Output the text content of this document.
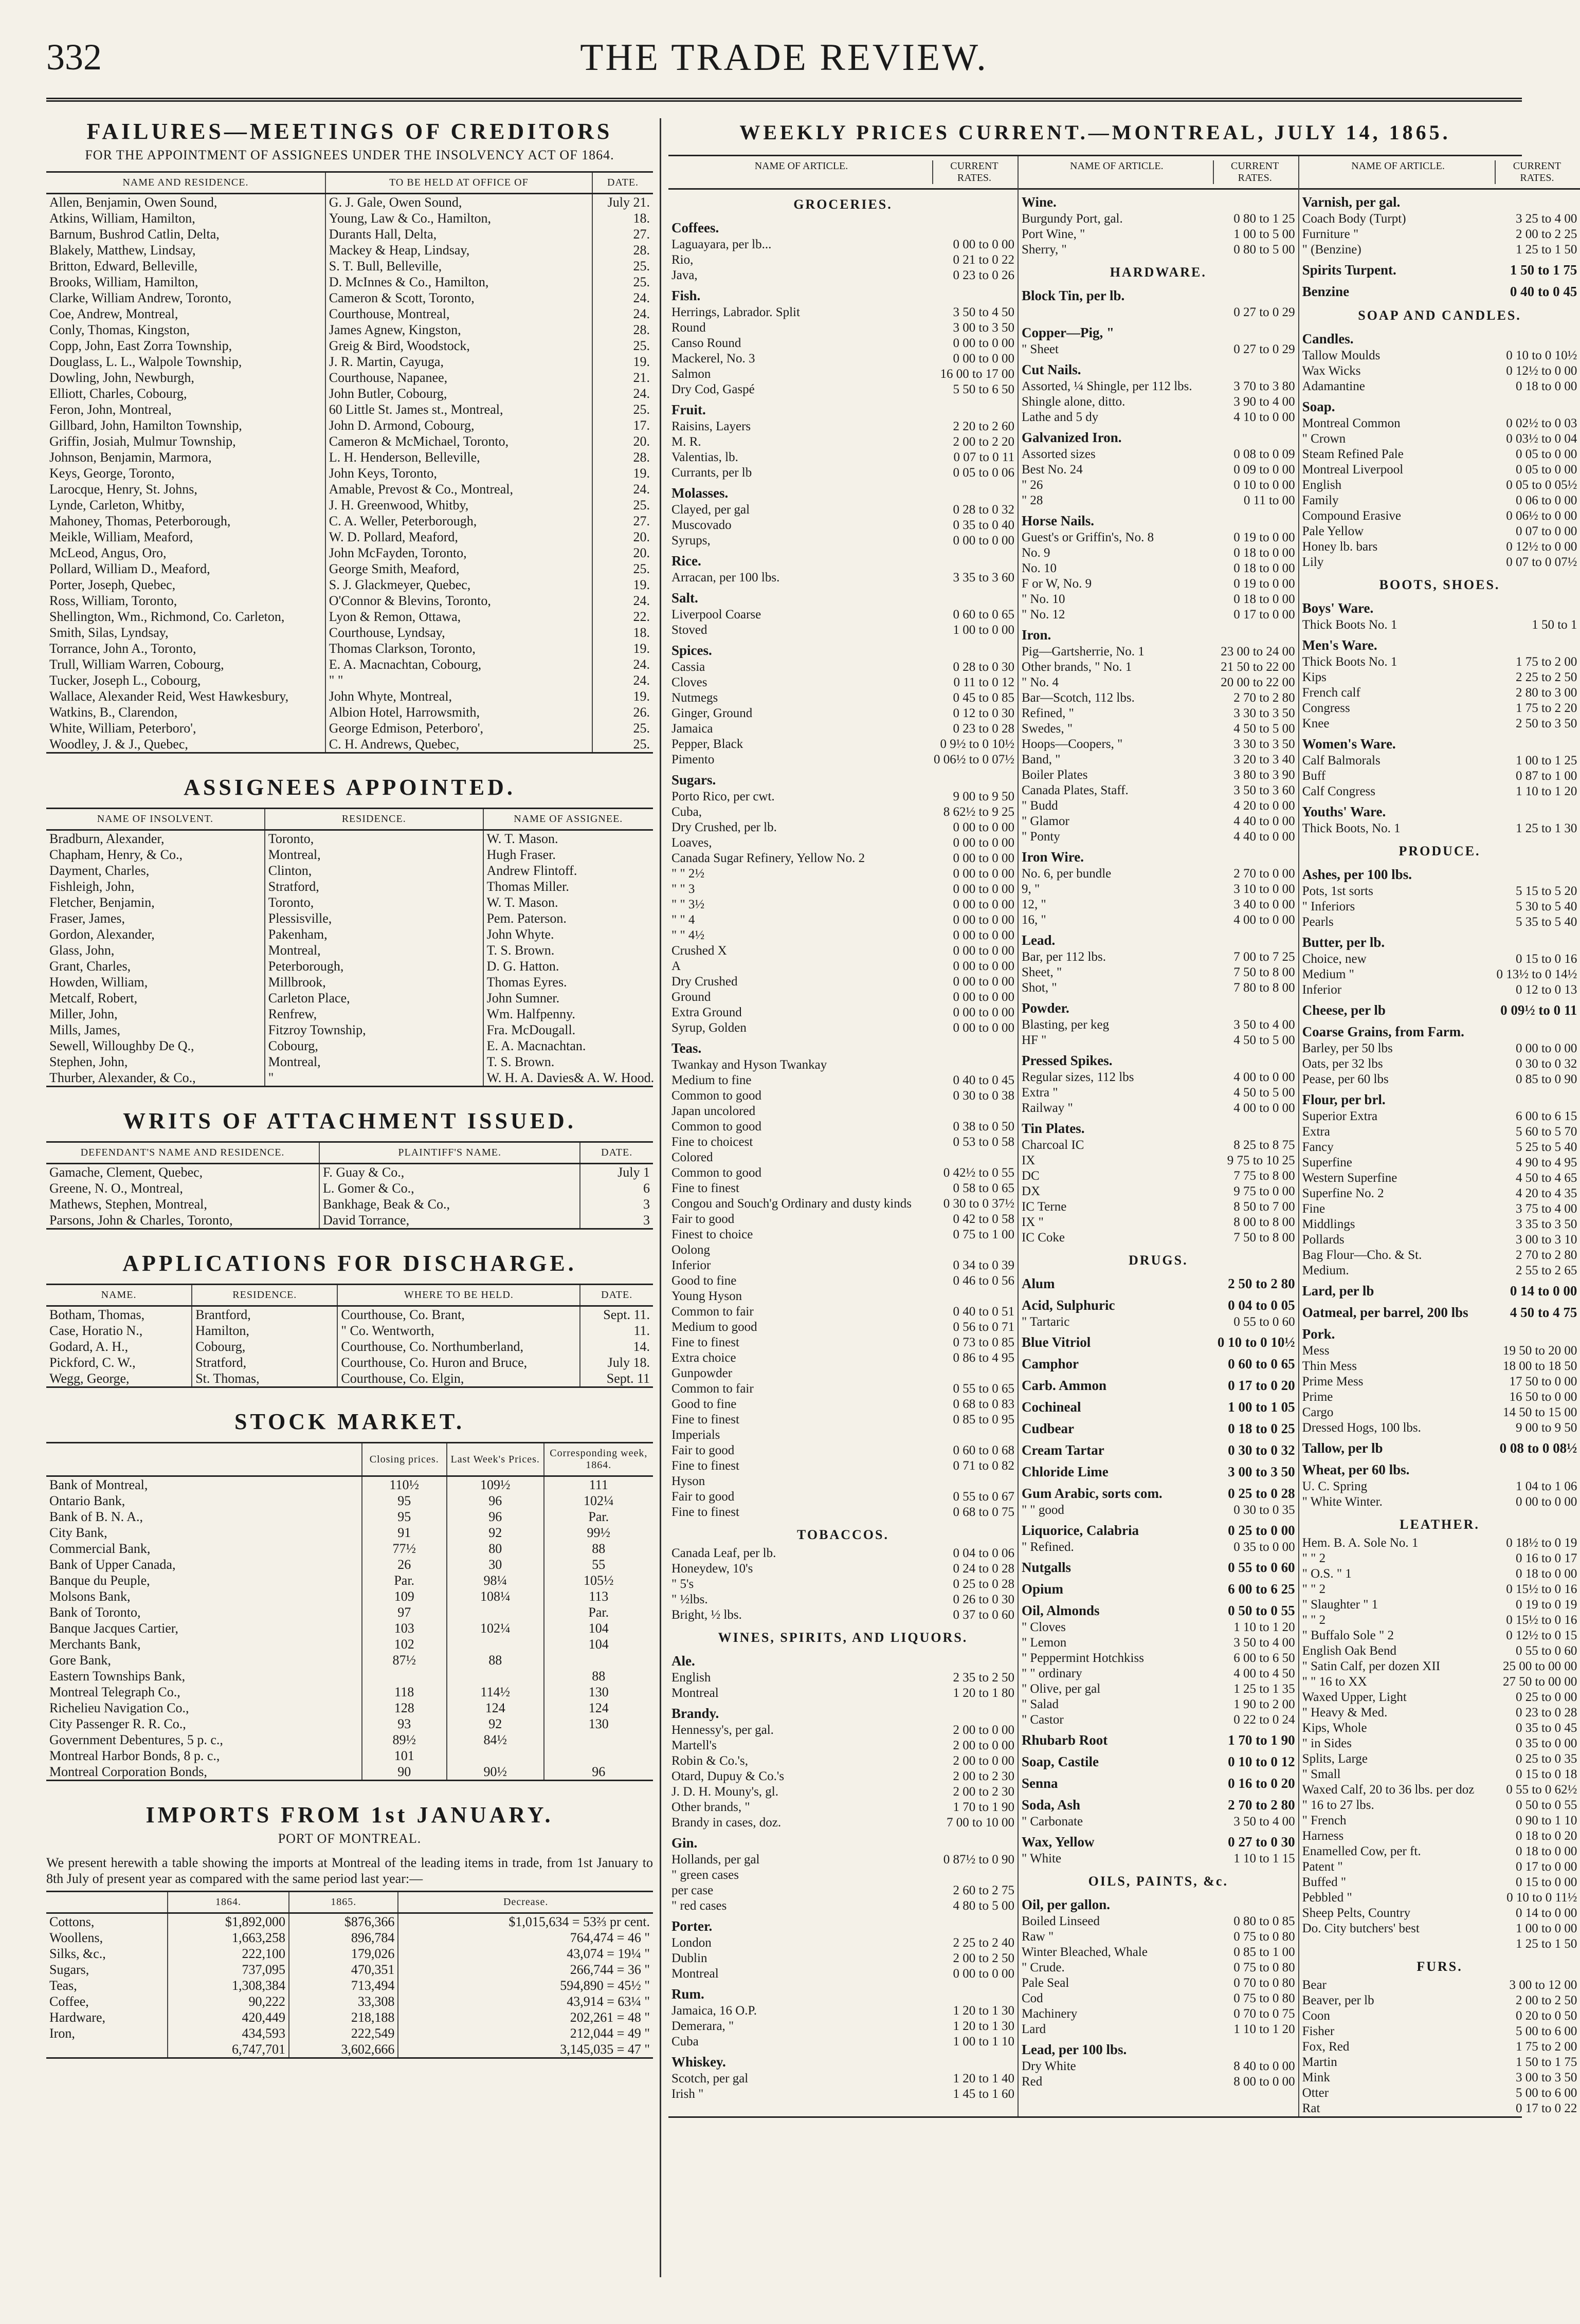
332	THE TRADE REVIEW.
FAILURES—MEETINGS OF CREDITORS
FOR THE APPOINTMENT OF ASSIGNEES UNDER THE INSOLVENCY ACT OF 1864.
NAME AND RESIDENCE.	TO BE HELD AT OFFICE OF	DATE.
Allen, Benjamin, Owen Sound,	G. J. Gale, Owen Sound,	July 21.
Atkins, William, Hamilton,	Young, Law & Co., Hamilton,	18.
Barnum, Bushrod Catlin, Delta,	Durants Hall, Delta,	27.
Blakely, Matthew, Lindsay,	Mackey & Heap, Lindsay,	28.
Britton, Edward, Belleville,	S. T. Bull, Belleville,	25.
Brooks, William, Hamilton,	D. McInnes & Co., Hamilton,	25.
Clarke, William Andrew, Toronto,	Cameron & Scott, Toronto,	24.
Coe, Andrew, Montreal,	Courthouse, Montreal,	24.
Conly, Thomas, Kingston,	James Agnew, Kingston,	28.
Copp, John, East Zorra Township,	Greig & Bird, Woodstock,	25.
Douglass, L. L., Walpole Township,	J. R. Martin, Cayuga,	19.
Dowling, John, Newburgh,	Courthouse, Napanee,	21.
Elliott, Charles, Cobourg,	John Butler, Cobourg,	24.
Feron, John, Montreal,	60 Little St. James st., Montreal,	25.
Gillbard, John, Hamilton Township,	John D. Armond, Cobourg,	17.
Griffin, Josiah, Mulmur Township,	Cameron & McMichael, Toronto,	20.
Johnson, Benjamin, Marmora,	L. H. Henderson, Belleville,	28.
Keys, George, Toronto,	John Keys, Toronto,	19.
Larocque, Henry, St. Johns,	Amable, Prevost & Co., Montreal,	24.
Lynde, Carleton, Whitby,	J. H. Greenwood, Whitby,	25.
Mahoney, Thomas, Peterborough,	C. A. Weller, Peterborough,	27.
Meikle, William, Meaford,	W. D. Pollard, Meaford,	20.
McLeod, Angus, Oro,	John McFayden, Toronto,	20.
Pollard, William D., Meaford,	George Smith, Meaford,	25.
Porter, Joseph, Quebec,	S. J. Glackmeyer, Quebec,	19.
Ross, William, Toronto,	O'Connor & Blevins, Toronto,	24.
Shellington, Wm., Richmond, Co. Carleton,	Lyon & Remon, Ottawa,	22.
Smith, Silas, Lyndsay,	Courthouse, Lyndsay,	18.
Torrance, John A., Toronto,	Thomas Clarkson, Toronto,	19.
Trull, William Warren, Cobourg,	E. A. Macnachtan, Cobourg,	24.
Tucker, Joseph L., Cobourg,	" "	24.
Wallace, Alexander Reid, West Hawkesbury,	John Whyte, Montreal,	19.
Watkins, B., Clarendon,	Albion Hotel, Harrowsmith,	26.
White, William, Peterboro',	George Edmison, Peterboro',	25.
Woodley, J. & J., Quebec,	C. H. Andrews, Quebec,	25.
ASSIGNEES APPOINTED.
NAME OF INSOLVENT.	RESIDENCE.	NAME OF ASSIGNEE.
Bradburn, Alexander,	Toronto,	W. T. Mason.
Chapham, Henry, & Co.,	Montreal,	Hugh Fraser.
Dayment, Charles,	Clinton,	Andrew Flintoff.
Fishleigh, John,	Stratford,	Thomas Miller.
Fletcher, Benjamin,	Toronto,	W. T. Mason.
Fraser, James,	Plessisville,	Pem. Paterson.
Gordon, Alexander,	Pakenham,	John Whyte.
Glass, John,	Montreal,	T. S. Brown.
Grant, Charles,	Peterborough,	D. G. Hatton.
Howden, William,	Millbrook,	Thomas Eyres.
Metcalf, Robert,	Carleton Place,	John Sumner.
Miller, John,	Renfrew,	Wm. Halfpenny.
Mills, James,	Fitzroy Township,	Fra. McDougall.
Sewell, Willoughby De Q.,	Cobourg,	E. A. Macnachtan.
Stephen, John,	Montreal,	T. S. Brown.
Thurber, Alexander, & Co.,	"	W. H. A. Davies& A. W. Hood.
WRITS OF ATTACHMENT ISSUED.
DEFENDANT'S NAME AND RESIDENCE.	PLAINTIFF'S NAME.	DATE.
Gamache, Clement, Quebec,	F. Guay & Co.,	July 1
Greene, N. O., Montreal,	L. Gomer & Co.,	6
Mathews, Stephen, Montreal,	Bankhage, Beak & Co.,	3
Parsons, John & Charles, Toronto,	David Torrance,	3
APPLICATIONS FOR DISCHARGE.
NAME.	RESIDENCE.	WHERE TO BE HELD.	DATE.
Botham, Thomas,	Brantford,	Courthouse, Co. Brant,	Sept. 11.
Case, Horatio N.,	Hamilton,	" Co. Wentworth,	11.
Godard, A. H.,	Cobourg,	Courthouse, Co. Northumberland,	14.
Pickford, C. W.,	Stratford,	Courthouse, Co. Huron and Bruce,	July 18.
Wegg, George,	St. Thomas,	Courthouse, Co. Elgin,	Sept. 11
STOCK MARKET.
	Closing prices.	Last Week's Prices.	Corresponding week, 1864.
Bank of Montreal,	110½	109½	111
Ontario Bank,	95	96	102¼
Bank of B. N. A.,	95	96	Par.
City Bank,	91	92	99½
Commercial Bank,	77½	80	88
Bank of Upper Canada,	26	30	55
Banque du Peuple,	Par.	98¼	105½
Molsons Bank,	109	108¼	113
Bank of Toronto,	97		Par.
Banque Jacques Cartier,	103	102¼	104
Merchants Bank,	102		104
Gore Bank,	87½	88	
Eastern Townships Bank,			88
Montreal Telegraph Co.,	118	114½	130
Richelieu Navigation Co.,	128	124	124
City Passenger R. R. Co.,	93	92	130
Government Debentures, 5 p. c.,	89½	84½	
Montreal Harbor Bonds, 8 p. c.,	101		
Montreal Corporation Bonds,	90	90½	96
IMPORTS FROM 1st JANUARY.
PORT OF MONTREAL.
We present herewith a table showing the imports at Montreal of the leading items in trade, from 1st January to 8th July of present year as compared with the same period last year:—
	1864.	1865.	Decrease.
Cottons,	$1,892,000	$876,366	$1,015,634 = 53⅔ pr cent.
Woollens,	1,663,258	896,784	764,474 = 46 "
Silks, &c.,	222,100	179,026	43,074 = 19¼ "
Sugars,	737,095	470,351	266,744 = 36 "
Teas,	1,308,384	713,494	594,890 = 45½ "
Coffee,	90,222	33,308	43,914 = 63¼ "
Hardware,	420,449	218,188	202,261 = 48 "
Iron,	434,593	222,549	212,044 = 49 "
	6,747,701	3,602,666	3,145,035 = 47 "
WEEKLY PRICES CURRENT.—MONTREAL, JULY 14, 1865.
NAME OF ARTICLE.	CURRENT RATES.
GROCERIES.
Coffees.
Laguayara, per lb...	0 00 to 0 00
Rio,	0 21 to 0 22
Java,	0 23 to 0 26
Fish.
Herrings, Labrador. Split	3 50 to 4 50
Round	3 00 to 3 50
Canso Round	0 00 to 0 00
Mackerel, No. 3	0 00 to 0 00
Salmon	16 00 to 17 00
Dry Cod, Gaspé	5 50 to 6 50
Fruit.
Raisins, Layers	2 20 to 2 60
M. R.	2 00 to 2 20
Valentias, lb.	0 07 to 0 11
Currants, per lb	0 05 to 0 06
Molasses.
Clayed, per gal	0 28 to 0 32
Muscovado	0 35 to 0 40
Syrups,	0 00 to 0 00
Rice.
Arracan, per 100 lbs.	3 35 to 3 60
Salt.
Liverpool Coarse	0 60 to 0 65
Stoved	1 00 to 0 00
Spices.
Cassia	0 28 to 0 30
Cloves	0 11 to 0 12
Nutmegs	0 45 to 0 85
Ginger, Ground	0 12 to 0 30
Jamaica	0 23 to 0 28
Pepper, Black	0 9½ to 0 10½
Pimento	0 06½ to 0 07½
Sugars.
Porto Rico, per cwt.	9 00 to 9 50
Cuba,	8 62½ to 9 25
Dry Crushed, per lb.	0 00 to 0 00
Loaves,	0 00 to 0 00
Canada Sugar Refinery, Yellow No. 2	0 00 to 0 00
" " 2½	0 00 to 0 00
" " 3	0 00 to 0 00
" " 3½	0 00 to 0 00
" " 4	0 00 to 0 00
" " 4½	0 00 to 0 00
Crushed X	0 00 to 0 00
A	0 00 to 0 00
Dry Crushed	0 00 to 0 00
Ground	0 00 to 0 00
Extra Ground	0 00 to 0 00
Syrup, Golden	0 00 to 0 00
Teas.
Twankay and Hyson Twankay
Medium to fine	0 40 to 0 45
Common to good	0 30 to 0 38
Japan uncolored
Common to good	0 38 to 0 50
Fine to choicest	0 53 to 0 58
Colored
Common to good	0 42½ to 0 55
Fine to finest	0 58 to 0 65
Congou and Souch'g Ordinary and dusty kinds	0 30 to 0 37½
Fair to good	0 42 to 0 58
Finest to choice	0 75 to 1 00
Oolong
Inferior	0 34 to 0 39
Good to fine	0 46 to 0 56
Young Hyson
Common to fair	0 40 to 0 51
Medium to good	0 56 to 0 71
Fine to finest	0 73 to 0 85
Extra choice	0 86 to 4 95
Gunpowder
Common to fair	0 55 to 0 65
Good to fine	0 68 to 0 83
Fine to finest	0 85 to 0 95
Imperials
Fair to good	0 60 to 0 68
Fine to finest	0 71 to 0 82
Hyson
Fair to good	0 55 to 0 67
Fine to finest	0 68 to 0 75
TOBACCOS.
Canada Leaf, per lb.	0 04 to 0 06
Honeydew, 10's	0 24 to 0 28
" 5's	0 25 to 0 28
" ½lbs.	0 26 to 0 30
Bright, ½ lbs.	0 37 to 0 60
WINES, SPIRITS, AND LIQUORS.
Ale.
English	2 35 to 2 50
Montreal	1 20 to 1 80
Brandy.
Hennessy's, per gal.	2 00 to 0 00
Martell's	2 00 to 0 00
Robin & Co.'s,	2 00 to 0 00
Otard, Dupuy & Co.'s	2 00 to 2 30
J. D. H. Mouny's, gl.	2 00 to 2 30
Other brands, "	1 70 to 1 90
Brandy in cases, doz.	7 00 to 10 00
Gin.
Hollands, per gal	0 87½ to 0 90
" green cases
per case	2 60 to 2 75
" red cases	4 80 to 5 00
Porter.
London	2 25 to 2 40
Dublin	2 00 to 2 50
Montreal	0 00 to 0 00
Rum.
Jamaica, 16 O.P.	1 20 to 1 30
Demerara, "	1 20 to 1 30
Cuba	1 00 to 1 10
Whiskey.
Scotch, per gal	1 20 to 1 40
Irish "	1 45 to 1 60
NAME OF ARTICLE.	CURRENT RATES.
Wine.
Burgundy Port, gal.	0 80 to 1 25
Port Wine, "	1 00 to 5 00
Sherry, "	0 80 to 5 00
HARDWARE.
Block Tin, per lb.
0 27 to 0 29
Copper—Pig, "
" Sheet	0 27 to 0 29
Cut Nails.
Assorted, ¼ Shingle, per 112 lbs.	3 70 to 3 80
Shingle alone, ditto.	3 90 to 4 00
Lathe and 5 dy	4 10 to 0 00
Galvanized Iron.
Assorted sizes	0 08 to 0 09
Best No. 24	0 09 to 0 00
" 26	0 10 to 0 00
" 28	0 11 to 00
Horse Nails.
Guest's or Griffin's, No. 8	0 19 to 0 00
No. 9	0 18 to 0 00
No. 10	0 18 to 0 00
F or W, No. 9	0 19 to 0 00
" No. 10	0 18 to 0 00
" No. 12	0 17 to 0 00
Iron.
Pig—Gartsherrie, No. 1	23 00 to 24 00
Other brands, " No. 1	21 50 to 22 00
" No. 4	20 00 to 22 00
Bar—Scotch, 112 lbs.	2 70 to 2 80
Refined, "	3 30 to 3 50
Swedes, "	4 50 to 5 00
Hoops—Coopers, "	3 30 to 3 50
Band, "	3 20 to 3 40
Boiler Plates	3 80 to 3 90
Canada Plates, Staff.	3 50 to 3 60
" Budd	4 20 to 0 00
" Glamor	4 40 to 0 00
" Ponty	4 40 to 0 00
Iron Wire.
No. 6, per bundle	2 70 to 0 00
9, "	3 10 to 0 00
12, "	3 40 to 0 00
16, "	4 00 to 0 00
Lead.
Bar, per 112 lbs.	7 00 to 7 25
Sheet, "	7 50 to 8 00
Shot, "	7 80 to 8 00
Powder.
Blasting, per keg	3 50 to 4 00
HF "	4 50 to 5 00
Pressed Spikes.
Regular sizes, 112 lbs	4 00 to 0 00
Extra "	4 50 to 5 00
Railway "	4 00 to 0 00
Tin Plates.
Charcoal IC	8 25 to 8 75
IX	9 75 to 10 25
DC	7 75 to 8 00
DX	9 75 to 0 00
IC Terne	8 50 to 7 00
IX "	8 00 to 8 00
IC Coke	7 50 to 8 00
DRUGS.
Alum	2 50 to 2 80
Acid, Sulphuric	0 04 to 0 05
" Tartaric	0 55 to 0 60
Blue Vitriol	0 10 to 0 10½
Camphor	0 60 to 0 65
Carb. Ammon	0 17 to 0 20
Cochineal	1 00 to 1 05
Cudbear	0 18 to 0 25
Cream Tartar	0 30 to 0 32
Chloride Lime	3 00 to 3 50
Gum Arabic, sorts com.	0 25 to 0 28
" " good	0 30 to 0 35
Liquorice, Calabria	0 25 to 0 00
" Refined.	0 35 to 0 00
Nutgalls	0 55 to 0 60
Opium	6 00 to 6 25
Oil, Almonds	0 50 to 0 55
" Cloves	1 10 to 1 20
" Lemon	3 50 to 4 00
" Peppermint Hotchkiss	6 00 to 6 50
" " ordinary	4 00 to 4 50
" Olive, per gal	1 25 to 1 35
" Salad	1 90 to 2 00
" Castor	0 22 to 0 24
Rhubarb Root	1 70 to 1 90
Soap, Castile	0 10 to 0 12
Senna	0 16 to 0 20
Soda, Ash	2 70 to 2 80
" Carbonate	3 50 to 4 00
Wax, Yellow	0 27 to 0 30
" White	1 10 to 1 15
OILS, PAINTS, &c.
Oil, per gallon.
Boiled Linseed	0 80 to 0 85
Raw "	0 75 to 0 80
Winter Bleached, Whale	0 85 to 1 00
" Crude.	0 75 to 0 80
Pale Seal	0 70 to 0 80
Cod	0 75 to 0 80
Machinery	0 70 to 0 75
Lard	1 10 to 1 20
Lead, per 100 lbs.
Dry White	8 40 to 0 00
Red	8 00 to 0 00
NAME OF ARTICLE.	CURRENT RATES.
Varnish, per gal.
Coach Body (Turpt)	3 25 to 4 00
Furniture "	2 00 to 2 25
" (Benzine)	1 25 to 1 50
Spirits Turpent.	1 50 to 1 75
Benzine	0 40 to 0 45
SOAP AND CANDLES.
Candles.
Tallow Moulds	0 10 to 0 10½
Wax Wicks	0 12½ to 0 00
Adamantine	0 18 to 0 00
Soap.
Montreal Common	0 02½ to 0 03
" Crown	0 03½ to 0 04
Steam Refined Pale	0 05 to 0 00
Montreal Liverpool	0 05 to 0 00
English	0 05 to 0 05½
Family	0 06 to 0 00
Compound Erasive	0 06½ to 0 00
Pale Yellow	0 07 to 0 00
Honey lb. bars	0 12½ to 0 00
Lily	0 07 to 0 07½
BOOTS, SHOES.
Boys' Ware.
Thick Boots No. 1	1 50 to 1
Men's Ware.
Thick Boots No. 1	1 75 to 2 00
Kips	2 25 to 2 50
French calf	2 80 to 3 00
Congress	1 75 to 2 20
Knee	2 50 to 3 50
Women's Ware.
Calf Balmorals	1 00 to 1 25
Buff	0 87 to 1 00
Calf Congress	1 10 to 1 20
Youths' Ware.
Thick Boots, No. 1	1 25 to 1 30
PRODUCE.
Ashes, per 100 lbs.
Pots, 1st sorts	5 15 to 5 20
" Inferiors	5 30 to 5 40
Pearls	5 35 to 5 40
Butter, per lb.
Choice, new	0 15 to 0 16
Medium "	0 13½ to 0 14½
Inferior	0 12 to 0 13
Cheese, per lb	0 09½ to 0 11
Coarse Grains, from Farm.
Barley, per 50 lbs	0 00 to 0 00
Oats, per 32 lbs	0 30 to 0 32
Pease, per 60 lbs	0 85 to 0 90
Flour, per brl.
Superior Extra	6 00 to 6 15
Extra	5 60 to 5 70
Fancy	5 25 to 5 40
Superfine	4 90 to 4 95
Western Superfine	4 50 to 4 65
Superfine No. 2	4 20 to 4 35
Fine	3 75 to 4 00
Middlings	3 35 to 3 50
Pollards	3 00 to 3 10
Bag Flour—Cho. & St.	2 70 to 2 80
Medium.	2 55 to 2 65
Lard, per lb	0 14 to 0 00
Oatmeal, per barrel, 200 lbs	4 50 to 4 75
Pork.
Mess	19 50 to 20 00
Thin Mess	18 00 to 18 50
Prime Mess	17 50 to 0 00
Prime	16 50 to 0 00
Cargo	14 50 to 15 00
Dressed Hogs, 100 lbs.	9 00 to 9 50
Tallow, per lb	0 08 to 0 08½
Wheat, per 60 lbs.
U. C. Spring	1 04 to 1 06
" White Winter.	0 00 to 0 00
LEATHER.
Hem. B. A. Sole No. 1	0 18½ to 0 19
" " 2	0 16 to 0 17
" O.S. " 1	0 18 to 0 00
" " 2	0 15½ to 0 16
" Slaughter " 1	0 19 to 0 19
" " 2	0 15½ to 0 16
" Buffalo Sole " 2	0 12½ to 0 15
English Oak Bend	0 55 to 0 60
" Satin Calf, per dozen XII	25 00 to 00 00
" " 16 to XX	27 50 to 00 00
Waxed Upper, Light	0 25 to 0 00
" Heavy & Med.	0 23 to 0 28
Kips, Whole	0 35 to 0 45
" in Sides	0 35 to 0 00
Splits, Large	0 25 to 0 35
" Small	0 15 to 0 18
Waxed Calf, 20 to 36 lbs. per doz	0 55 to 0 62½
" 16 to 27 lbs.	0 50 to 0 55
" French	0 90 to 1 10
Harness	0 18 to 0 20
Enamelled Cow, per ft.	0 18 to 0 00
Patent "	0 17 to 0 00
Buffed "	0 15 to 0 00
Pebbled "	0 10 to 0 11½
Sheep Pelts, Country	0 14 to 0 00
Do. City butchers' best	1 00 to 0 00
1 25 to 1 50
FURS.
Bear	3 00 to 12 00
Beaver, per lb	2 00 to 2 50
Coon	0 20 to 0 50
Fisher	5 00 to 6 00
Fox, Red	1 75 to 2 00
Martin	1 50 to 1 75
Mink	3 00 to 3 50
Otter	5 00 to 6 00
Rat	0 17 to 0 22
